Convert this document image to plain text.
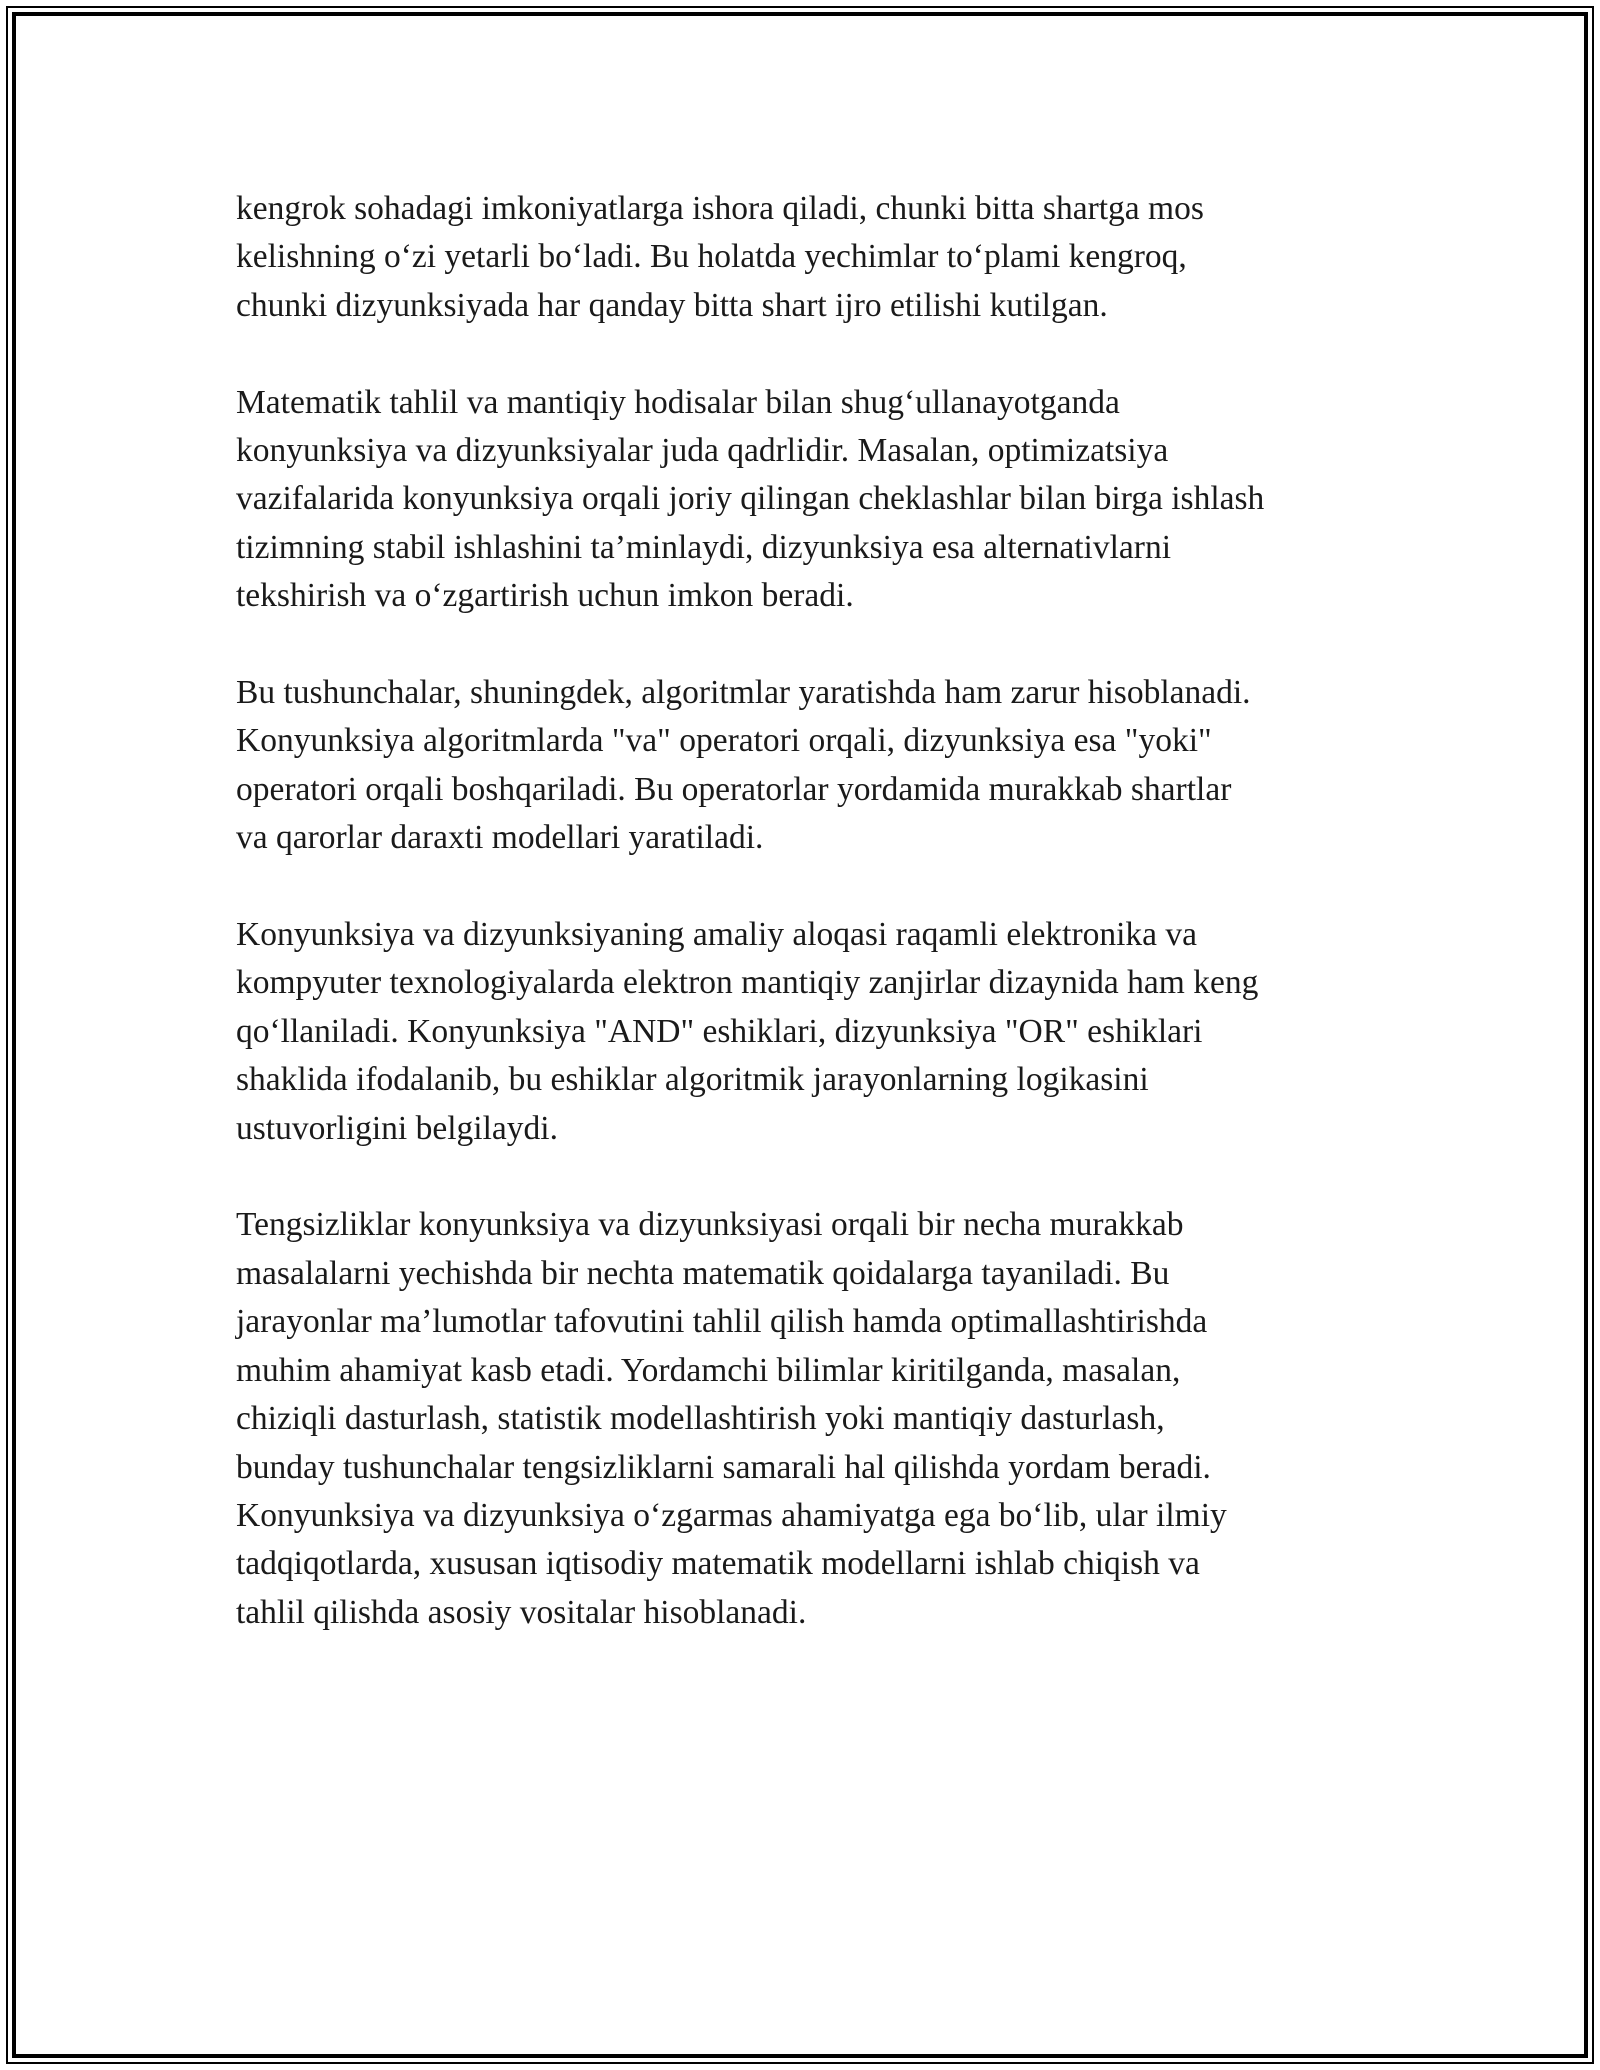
kengrok sohadagi imkoniyatlarga ishora qiladi, chunki bitta shartga mos
kelishning o‘zi yetarli bo‘ladi. Bu holatda yechimlar to‘plami kengroq,
chunki dizyunksiyada har qanday bitta shart ijro etilishi kutilgan.

Matematik tahlil va mantiqiy hodisalar bilan shug‘ullanayotganda
konyunksiya va dizyunksiyalar juda qadrlidir. Masalan, optimizatsiya
vazifalarida konyunksiya orqali joriy qilingan cheklashlar bilan birga ishlash
tizimning stabil ishlashini ta’minlaydi, dizyunksiya esa alternativlarni
tekshirish va o‘zgartirish uchun imkon beradi.

Bu tushunchalar, shuningdek, algoritmlar yaratishda ham zarur hisoblanadi.
Konyunksiya algoritmlarda "va" operatori orqali, dizyunksiya esa "yoki"
operatori orqali boshqariladi. Bu operatorlar yordamida murakkab shartlar
va qarorlar daraxti modellari yaratiladi.

Konyunksiya va dizyunksiyaning amaliy aloqasi raqamli elektronika va
kompyuter texnologiyalarda elektron mantiqiy zanjirlar dizaynida ham keng
qo‘llaniladi. Konyunksiya "AND" eshiklari, dizyunksiya "OR" eshiklari
shaklida ifodalanib, bu eshiklar algoritmik jarayonlarning logikasini
ustuvorligini belgilaydi.

Tengsizliklar konyunksiya va dizyunksiyasi orqali bir necha murakkab
masalalarni yechishda bir nechta matematik qoidalarga tayaniladi. Bu
jarayonlar ma’lumotlar tafovutini tahlil qilish hamda optimallashtirishda
muhim ahamiyat kasb etadi. Yordamchi bilimlar kiritilganda, masalan,
chiziqli dasturlash, statistik modellashtirish yoki mantiqiy dasturlash,
bunday tushunchalar tengsizliklarni samarali hal qilishda yordam beradi.
Konyunksiya va dizyunksiya o‘zgarmas ahamiyatga ega bo‘lib, ular ilmiy
tadqiqotlarda, xususan iqtisodiy matematik modellarni ishlab chiqish va
tahlil qilishda asosiy vositalar hisoblanadi.
